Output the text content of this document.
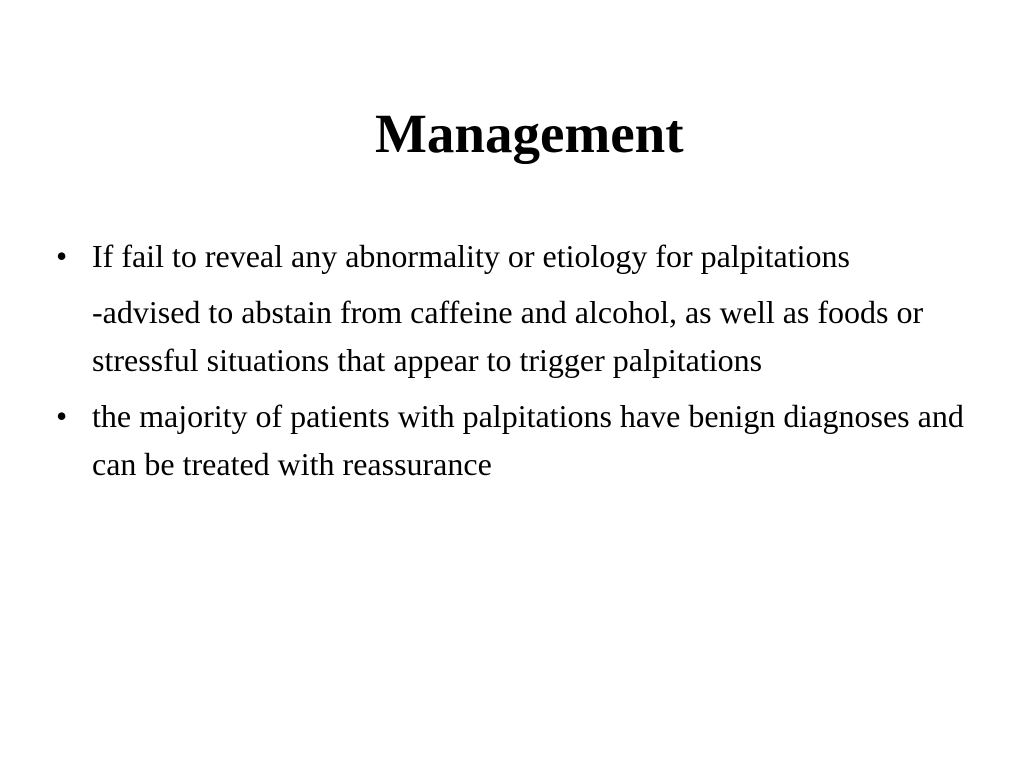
Management

• If fail to reveal any abnormality or etiology for palpitations

-advised to abstain from caffeine and alcohol, as well as foods or stressful situations that appear to trigger palpitations

• the majority of patients with palpitations have benign diagnoses and can be treated with reassurance
